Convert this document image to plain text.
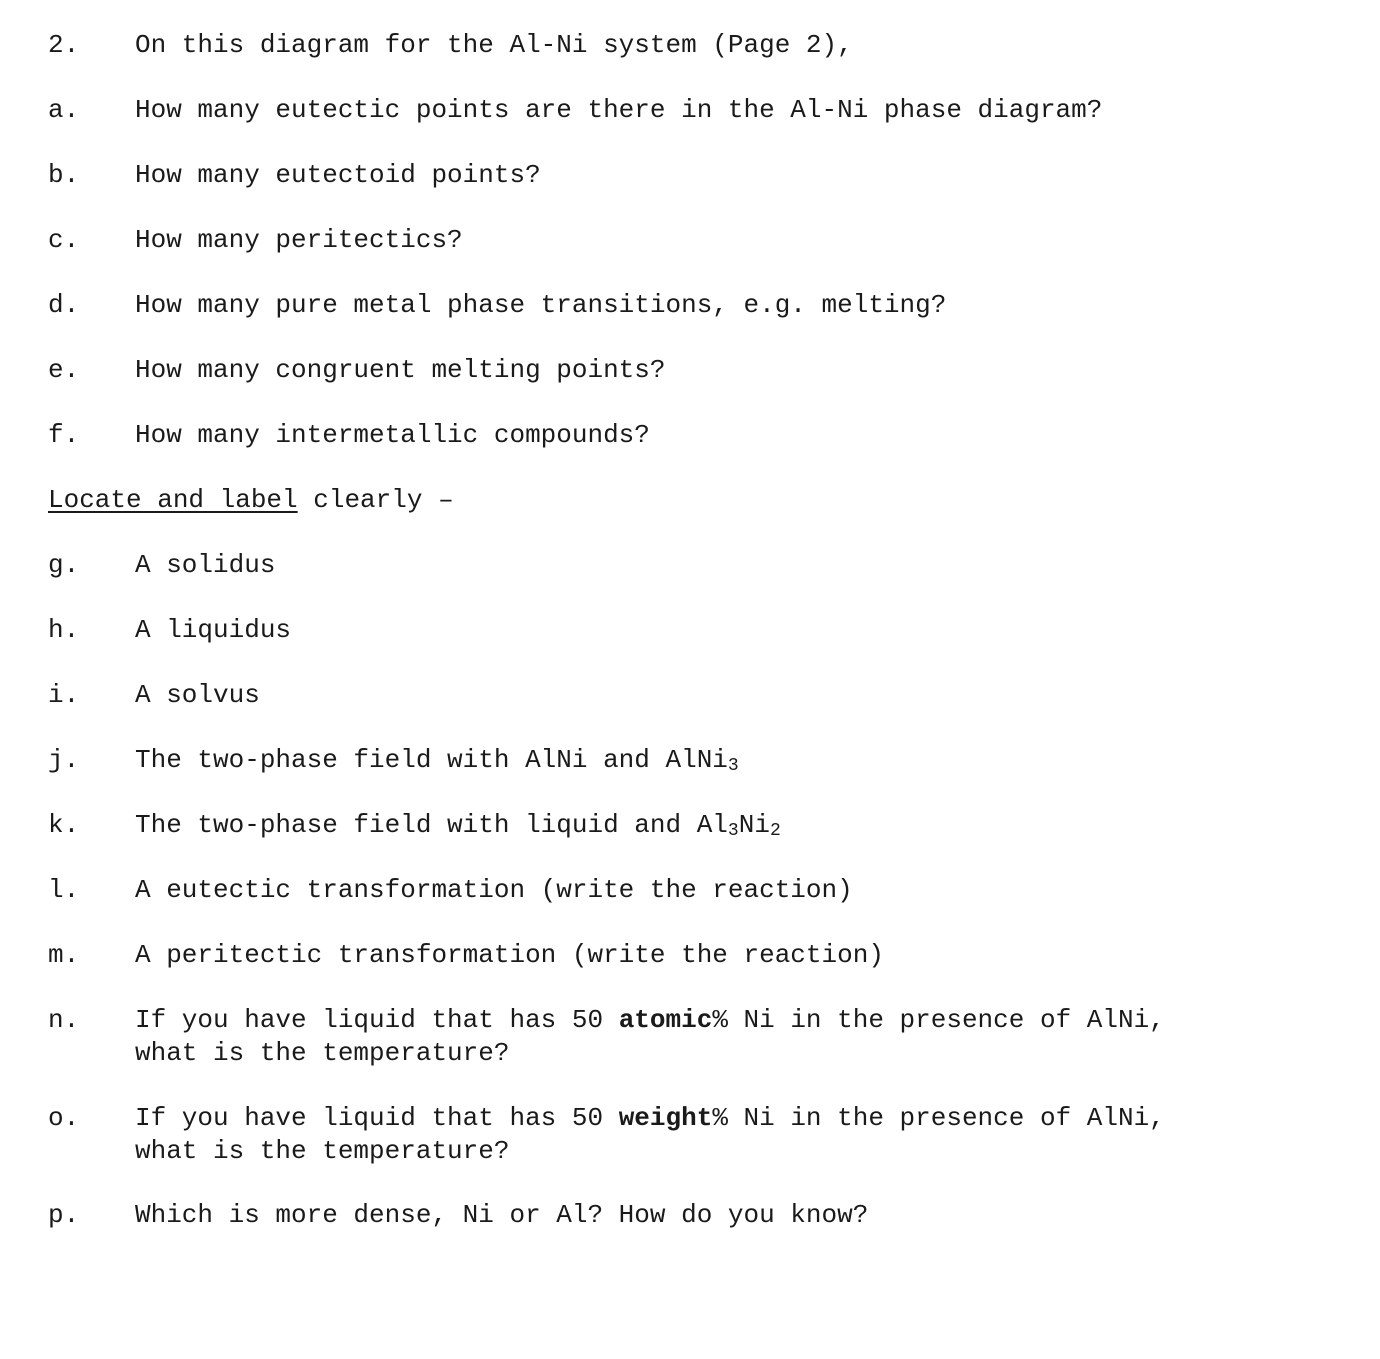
2. On this diagram for the Al-Ni system (Page 2),
a. How many eutectic points are there in the Al-Ni phase diagram?
b. How many eutectoid points?
c. How many peritectics?
d. How many pure metal phase transitions, e.g. melting?
e. How many congruent melting points?
f. How many intermetallic compounds?
Locate and label clearly –
g. A solidus
h. A liquidus
i. A solvus
j. The two-phase field with AlNi and AlNi3
k. The two-phase field with liquid and Al3Ni2
l. A eutectic transformation (write the reaction)
m. A peritectic transformation (write the reaction)
n. If you have liquid that has 50 atomic% Ni in the presence of AlNi,
what is the temperature?
o. If you have liquid that has 50 weight% Ni in the presence of AlNi,
what is the temperature?
p. Which is more dense, Ni or Al? How do you know?
